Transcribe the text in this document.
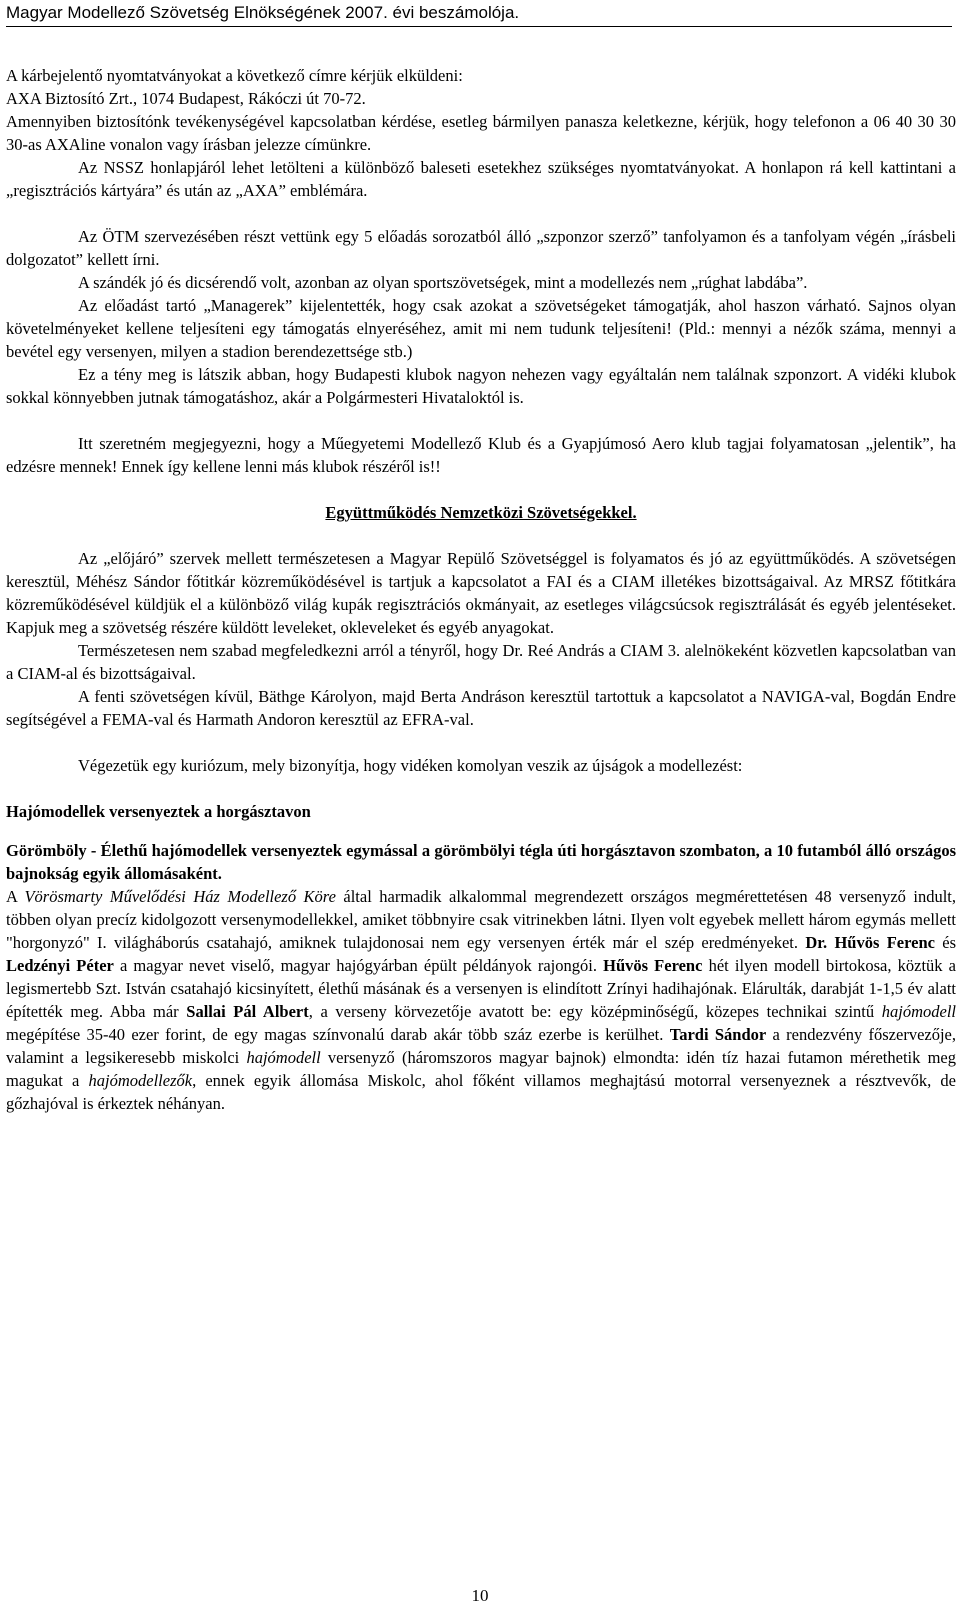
Magyar Modellező Szövetség Elnökségének 2007. évi beszámolója.

A kárbejelentő nyomtatványokat a következő címre kérjük elküldeni:

AXA Biztosító Zrt., 1074 Budapest, Rákóczi út 70-72.

Amennyiben biztosítónk tevékenységével kapcsolatban kérdése, esetleg bármilyen panasza keletkezne, kérjük, hogy telefonon a 06 40 30 30 30-as AXAline vonalon vagy írásban jelezze címünkre.

Az NSSZ honlapjáról lehet letölteni a különböző baleseti esetekhez szükséges nyomtatványokat. A honlapon rá kell kattintani a „regisztrációs kártyára” és után az „AXA” emblémára.

Az ÖTM szervezésében részt vettünk egy 5 előadás sorozatból álló „szponzor szerző” tanfolyamon és a tanfolyam végén „írásbeli dolgozatot” kellett írni.

A szándék jó és dicsérendő volt, azonban az olyan sportszövetségek, mint a modellezés nem „rúghat labdába”.

Az előadást tartó „Managerek” kijelentették, hogy csak azokat a szövetségeket támogatják, ahol haszon várható. Sajnos olyan követelményeket kellene teljesíteni egy támogatás elnyeréséhez, amit mi nem tudunk teljesíteni! (Pld.: mennyi a nézők száma, mennyi a bevétel egy versenyen, milyen a stadion berendezettsége stb.)

Ez a tény meg is látszik abban, hogy Budapesti klubok nagyon nehezen vagy egyáltalán nem találnak szponzort. A vidéki klubok sokkal könnyebben jutnak támogatáshoz, akár a Polgármesteri Hivataloktól is.

Itt szeretném megjegyezni, hogy a Műegyetemi Modellező Klub és a Gyapjúmosó Aero klub tagjai folyamatosan „jelentik”, ha edzésre mennek! Ennek így kellene lenni más klubok részéről is!!

Együttműködés Nemzetközi Szövetségekkel.

Az „előjáró” szervek mellett természetesen a Magyar Repülő Szövetséggel is folyamatos és jó az együttműködés. A szövetségen keresztül, Méhész Sándor főtitkár közreműködésével is tartjuk a kapcsolatot a FAI és a CIAM illetékes bizottságaival. Az MRSZ főtitkára közreműködésével küldjük el a különböző világ kupák regisztrációs okmányait, az esetleges világcsúcsok regisztrálását és egyéb jelentéseket. Kapjuk meg a szövetség részére küldött leveleket, okleveleket és egyéb anyagokat.

Természetesen nem szabad megfeledkezni arról a tényről, hogy Dr. Reé András a CIAM 3. alelnökeként közvetlen kapcsolatban van a CIAM-al és bizottságaival.

A fenti szövetségen kívül, Bäthge Károlyon, majd Berta Andráson keresztül tartottuk a kapcsolatot a NAVIGA-val, Bogdán Endre segítségével a FEMA-val és Harmath Andoron keresztül az EFRA-val.

Végezetük egy kuriózum, mely bizonyítja, hogy vidéken komolyan veszik az újságok a modellezést:

Hajómodellek versenyeztek a horgásztavon

Görömböly - Élethű hajómodellek versenyeztek egymással a görömbölyi tégla úti horgásztavon szombaton, a 10 futamból álló országos bajnokság egyik állomásaként.

A Vörösmarty Művelődési Ház Modellező Köre által harmadik alkalommal megrendezett országos megmérettetésen 48 versenyző indult, többen olyan precíz kidolgozott versenymodellekkel, amiket többnyire csak vitrinekben látni. Ilyen volt egyebek mellett három egymás mellett "horgonyzó" I. világháborús csatahajó, amiknek tulajdonosai nem egy versenyen érték már el szép eredményeket. Dr. Hűvös Ferenc és Ledzényi Péter a magyar nevet viselő, magyar hajógyárban épült példányok rajongói. Hűvös Ferenc hét ilyen modell birtokosa, köztük a legismertebb Szt. István csatahajó kicsinyített, élethű másának és a versenyen is elindított Zrínyi hadihajónak. Elárulták, darabját 1-1,5 év alatt építették meg. Abba már Sallai Pál Albert, a verseny körvezetője avatott be: egy középminőségű, közepes technikai szintű hajómodell megépítése 35-40 ezer forint, de egy magas színvonalú darab akár több száz ezerbe is kerülhet. Tardi Sándor a rendezvény főszervezője, valamint a legsikeresebb miskolci hajómodell versenyző (háromszoros magyar bajnok) elmondta: idén tíz hazai futamon mérethetik meg magukat a hajómodellezők, ennek egyik állomása Miskolc, ahol főként villamos meghajtású motorral versenyeznek a résztvevők, de gőzhajóval is érkeztek néhányan.

10
